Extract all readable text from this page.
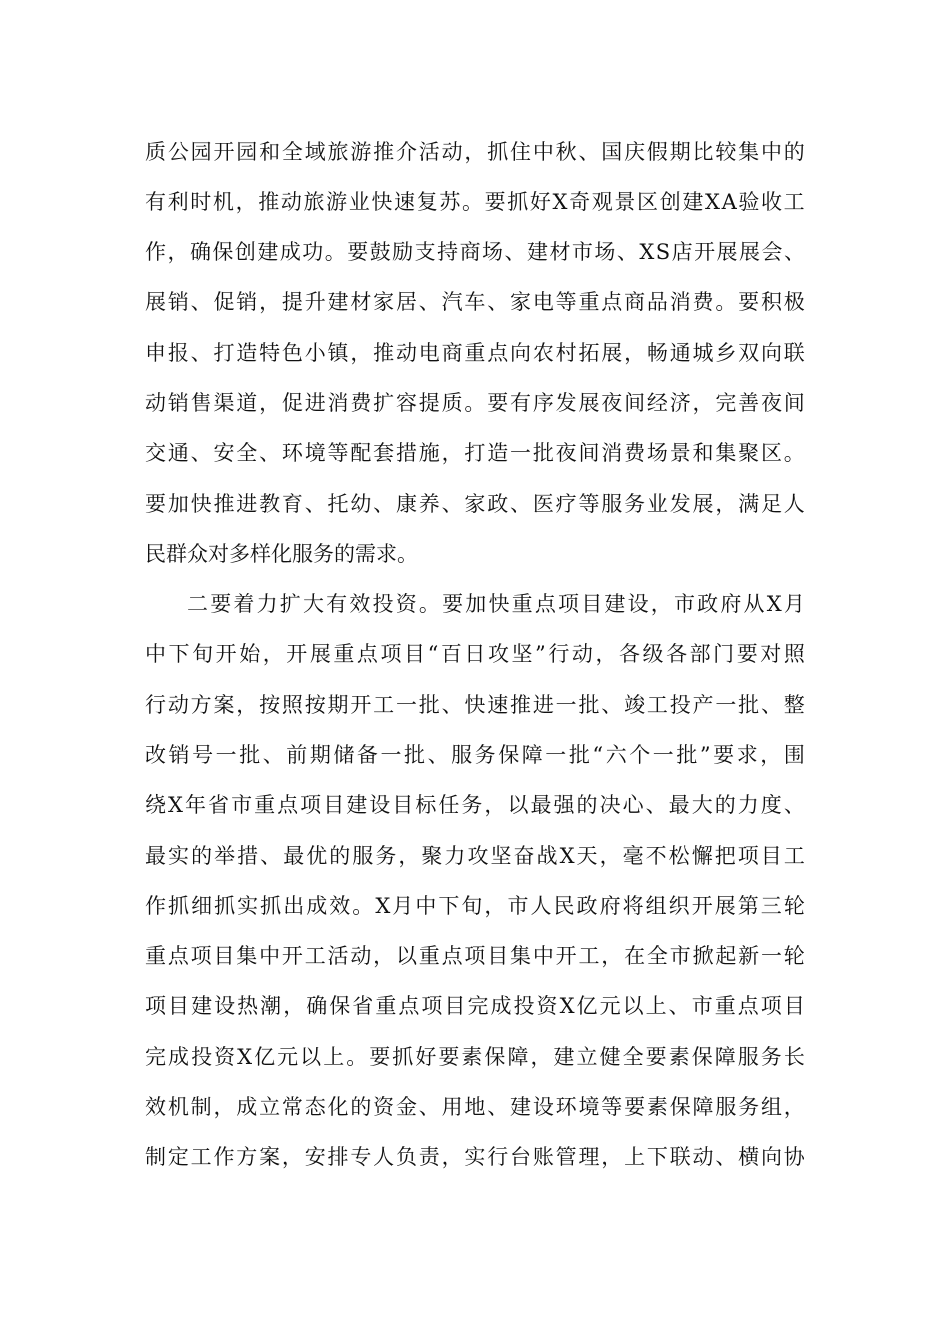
质 公 园 开 园 和 全 域 旅 游 推 介 活 动 ， 抓 住 中 秋 、 国 庆 假 期 比 较 集 中 的
有 利 时 机 ， 推 动 旅 游 业 快 速 复 苏 。 要 抓 好 X 奇 观 景 区 创 建 X A 验 收 工
作 ， 确 保 创 建 成 功 。 要 鼓 励 支 持 商 场 、 建 材 市 场 、 X S 店 开 展 展 会 、
展 销 、 促 销 ， 提 升 建 材 家 居 、 汽 车 、 家 电 等 重 点 商 品 消 费 。 要 积 极
申 报 、 打 造 特 色 小 镇 ， 推 动 电 商 重 点 向 农 村 拓 展 ， 畅 通 城 乡 双 向 联
动 销 售 渠 道 ， 促 进 消 费 扩 容 提 质 。 要 有 序 发 展 夜 间 经 济 ， 完 善 夜 间
交 通 、 安 全 、 环 境 等 配 套 措 施 ， 打 造 一 批 夜 间 消 费 场 景 和 集 聚 区 。
要 加 快 推 进 教 育 、 托 幼 、 康 养 、 家 政 、 医 疗 等 服 务 业 发 展 ， 满 足 人
民群众对多样化服务的需求。
二 要 着 力 扩 大 有 效 投 资 。 要 加 快 重 点 项 目 建 设 ， 市 政 府 从 X 月
中 下 旬 开 始 ， 开 展 重 点 项 目 “ 百 日 攻 坚 ” 行 动 ， 各 级 各 部 门 要 对 照
行 动 方 案 ， 按 照 按 期 开 工 一 批 、 快 速 推 进 一 批 、 竣 工 投 产 一 批 、 整
改 销 号 一 批 、 前 期 储 备 一 批 、 服 务 保 障 一 批 “ 六 个 一 批 ” 要 求 ， 围
绕 X 年 省 市 重 点 项 目 建 设 目 标 任 务 ， 以 最 强 的 决 心 、 最 大 的 力 度 、
最 实 的 举 措 、 最 优 的 服 务 ， 聚 力 攻 坚 奋 战 X 天 ， 毫 不 松 懈 把 项 目 工
作 抓 细 抓 实 抓 出 成 效 。 X 月 中 下 旬 ， 市 人 民 政 府 将 组 织 开 展 第 三 轮
重 点 项 目 集 中 开 工 活 动 ， 以 重 点 项 目 集 中 开 工 ， 在 全 市 掀 起 新 一 轮
项 目 建 设 热 潮 ， 确 保 省 重 点 项 目 完 成 投 资 X 亿 元 以 上 、 市 重 点 项 目
完 成 投 资 X 亿 元 以 上 。 要 抓 好 要 素 保 障 ， 建 立 健 全 要 素 保 障 服 务 长
效 机 制 ， 成 立 常 态 化 的 资 金 、 用 地 、 建 设 环 境 等 要 素 保 障 服 务 组 ，
制 定 工 作 方 案 ， 安 排 专 人 负 责 ， 实 行 台 账 管 理 ， 上 下 联 动 、 横 向 协
